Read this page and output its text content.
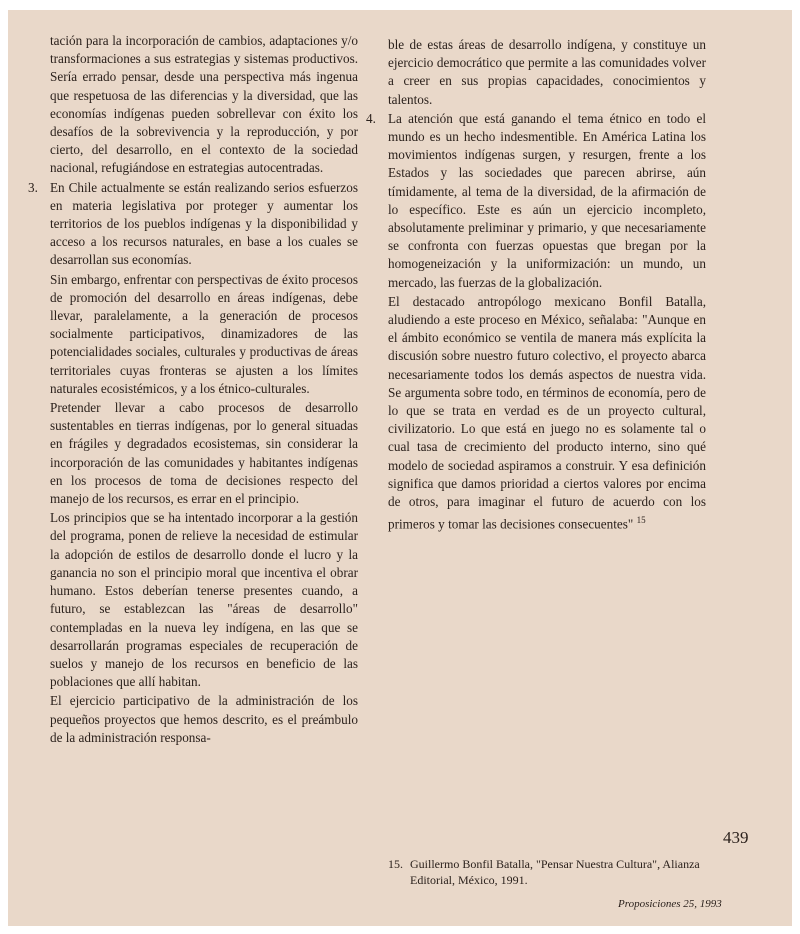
tación para la incorporación de cambios, adaptaciones y/o transformaciones a sus estrategias y sistemas productivos. Sería errado pensar, desde una perspectiva más ingenua que respetuosa de las diferencias y la diversidad, que las economías indígenas pueden sobrellevar con éxito los desafíos de la sobrevivencia y la reproducción, y por cierto, del desarrollo, en el contexto de la sociedad nacional, refugiándose en estrategias autocentradas.

3. En Chile actualmente se están realizando serios esfuerzos en materia legislativa por proteger y aumentar los territorios de los pueblos indígenas y la disponibilidad y acceso a los recursos naturales, en base a los cuales se desarrollan sus economías.

Sin embargo, enfrentar con perspectivas de éxito procesos de promoción del desarrollo en áreas indígenas, debe llevar, paralelamente, a la generación de procesos socialmente participativos, dinamizadores de las potencialidades sociales, culturales y productivas de áreas territoriales cuyas fronteras se ajusten a los límites naturales ecosistémicos, y a los étnico-culturales.

Pretender llevar a cabo procesos de desarrollo sustentables en tierras indígenas, por lo general situadas en frágiles y degradados ecosistemas, sin considerar la incorporación de las comunidades y habitantes indígenas en los procesos de toma de decisiones respecto del manejo de los recursos, es errar en el principio.

Los principios que se ha intentado incorporar a la gestión del programa, ponen de relieve la necesidad de estimular la adopción de estilos de desarrollo donde el lucro y la ganancia no son el principio moral que incentiva el obrar humano. Estos deberían tenerse presentes cuando, a futuro, se establezcan las "áreas de desarrollo" contempladas en la nueva ley indígena, en las que se desarrollarán programas especiales de recuperación de suelos y manejo de los recursos en beneficio de las poblaciones que allí habitan.

El ejercicio participativo de la administración de los pequeños proyectos que hemos descrito, es el preámbulo de la administración responsa-

ble de estas áreas de desarrollo indígena, y constituye un ejercicio democrático que permite a las comunidades volver a creer en sus propias capacidades, conocimientos y talentos.

4. La atención que está ganando el tema étnico en todo el mundo es un hecho indesmentible. En América Latina los movimientos indígenas surgen, y resurgen, frente a los Estados y las sociedades que parecen abrirse, aún tímidamente, al tema de la diversidad, de la afirmación de lo específico. Este es aún un ejercicio incompleto, absolutamente preliminar y primario, y que necesariamente se confronta con fuerzas opuestas que bregan por la homogeneización y la uniformización: un mundo, un mercado, las fuerzas de la globalización.

El destacado antropólogo mexicano Bonfil Batalla, aludiendo a este proceso en México, señalaba: "Aunque en el ámbito económico se ventila de manera más explícita la discusión sobre nuestro futuro colectivo, el proyecto abarca necesariamente todos los demás aspectos de nuestra vida. Se argumenta sobre todo, en términos de economía, pero de lo que se trata en verdad es de un proyecto cultural, civilizatorio. Lo que está en juego no es solamente tal o cual tasa de crecimiento del producto interno, sino qué modelo de sociedad aspiramos a construir. Y esa definición significa que damos prioridad a ciertos valores por encima de otros, para imaginar el futuro de acuerdo con los primeros y tomar las decisiones consecuentes" $^{15}$

439
15. Guillermo Bonfil Batalla, "Pensar Nuestra Cultura", Alianza Editorial, México, 1991.
Proposiciones 25, 1993
